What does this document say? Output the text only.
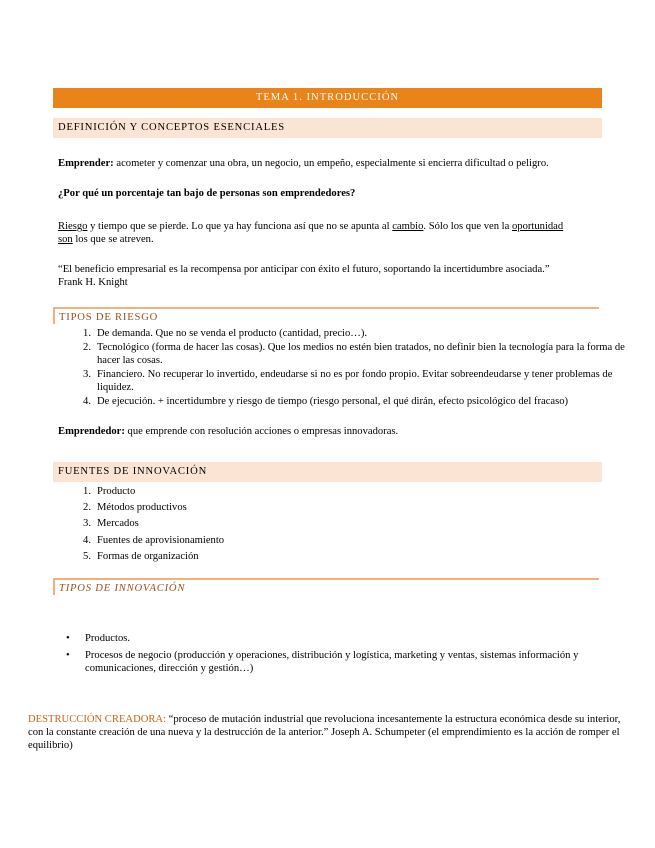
TEMA 1. INTRODUCCIÓN
DEFINICIÓN Y CONCEPTOS ESENCIALES

Emprender: acometer y comenzar una obra, un negocio, un empeño, especialmente si encierra dificultad o peligro.

¿Por qué un porcentaje tan bajo de personas son emprendedores?

Riesgo y tiempo que se pierde. Lo que ya hay funciona así que no se apunta al cambio. Sólo los que ven la oportunidad
son los que se atreven.

“El beneficio empresarial es la recompensa por anticipar con éxito el futuro, soportando la incertidumbre asociada.”
Frank H. Knight

TIPOS DE RIESGO
1. De demanda. Que no se venda el producto (cantidad, precio…).
2. Tecnológico (forma de hacer las cosas). Que los medios no estén bien tratados, no definir bien la tecnología para la forma de hacer las cosas.
3. Financiero. No recuperar lo invertido, endeudarse si no es por fondo propio. Evitar sobreendeudarse y tener problemas de liquidez.
4. De ejecución. + incertidumbre y riesgo de tiempo (riesgo personal, el qué dirán, efecto psicológico del fracaso)

Emprendedor: que emprende con resolución acciones o empresas innovadoras.

FUENTES DE INNOVACIÓN
1. Producto
2. Métodos productivos
3. Mercados
4. Fuentes de aprovisionamiento
5. Formas de organización
TIPOS DE INNOVACIÓN
• Productos.
• Procesos de negocio (producción y operaciones, distribución y logística, marketing y ventas, sistemas información y comunicaciones, dirección y gestión…)

DESTRUCCIÓN CREADORA: “proceso de mutación industrial que revoluciona incesantemente la estructura económica desde su interior, con la constante creación de una nueva y la destrucción de la anterior.” Joseph A. Schumpeter (el emprendimiento es la acción de romper el equilibrio)
